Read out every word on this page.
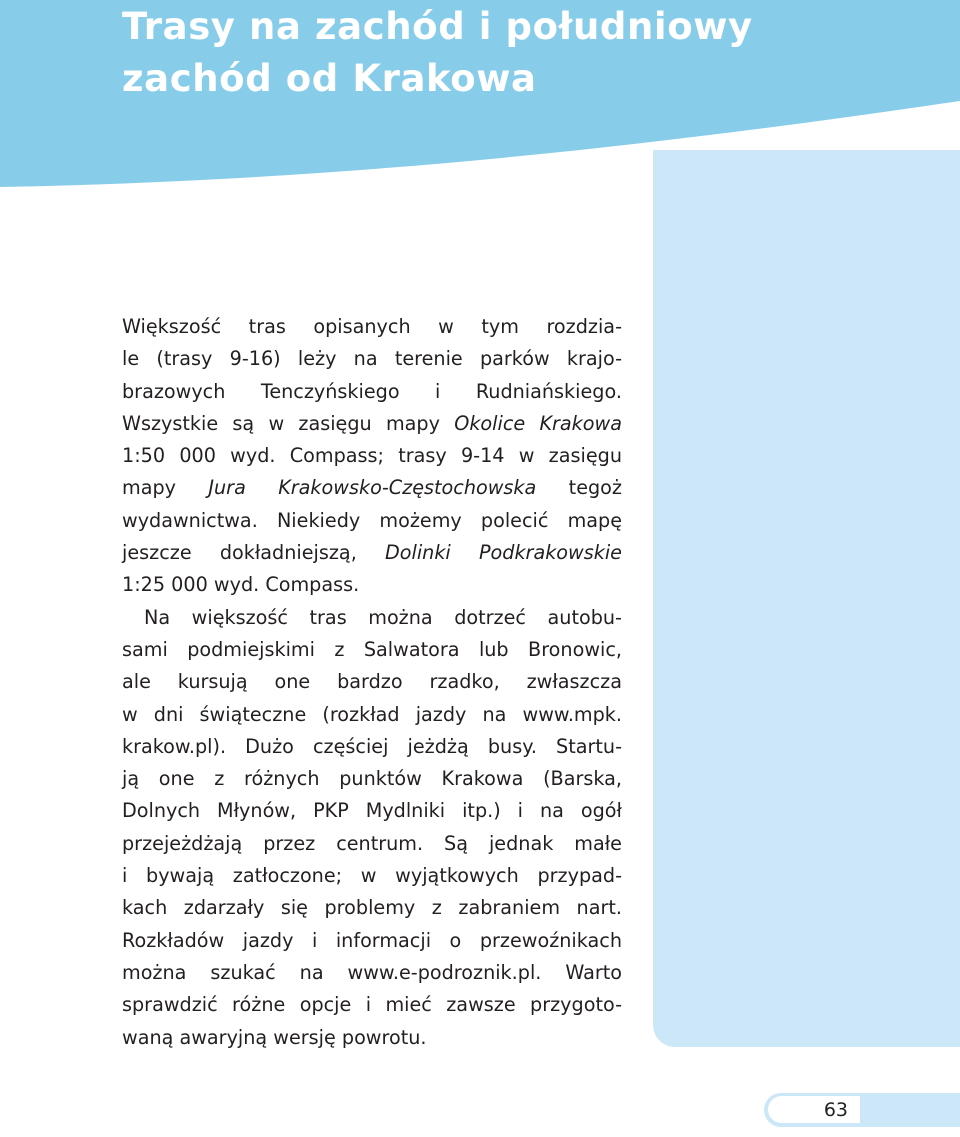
Trasy na zachód i południowy zachód od Krakowa
Większość tras opisanych w tym rozdzia-
le (trasy 9-16) leży na terenie parków krajo-
brazowych Tenczyńskiego i Rudniańskiego.
Wszystkie są w zasięgu mapy Okolice Krakowa
1:50 000 wyd. Compass; trasy 9-14 w zasięgu
mapy Jura Krakowsko-Częstochowska tegoż
wydawnictwa. Niekiedy możemy polecić mapę
jeszcze dokładniejszą, Dolinki Podkrakowskie
1:25 000 wyd. Compass.
Na większość tras można dotrzeć autobu-
sami podmiejskimi z Salwatora lub Bronowic,
ale kursują one bardzo rzadko, zwłaszcza
w dni świąteczne (rozkład jazdy na www.mpk.
krakow.pl). Dużo częściej jeżdżą busy. Startu-
ją one z różnych punktów Krakowa (Barska,
Dolnych Młynów, PKP Mydlniki itp.) i na ogół
przejeżdżają przez centrum. Są jednak małe
i bywają zatłoczone; w wyjątkowych przypad-
kach zdarzały się problemy z zabraniem nart.
Rozkładów jazdy i informacji o przewoźnikach
można szukać na www.e-podroznik.pl. Warto
sprawdzić różne opcje i mieć zawsze przygoto-
waną awaryjną wersję powrotu.
63
